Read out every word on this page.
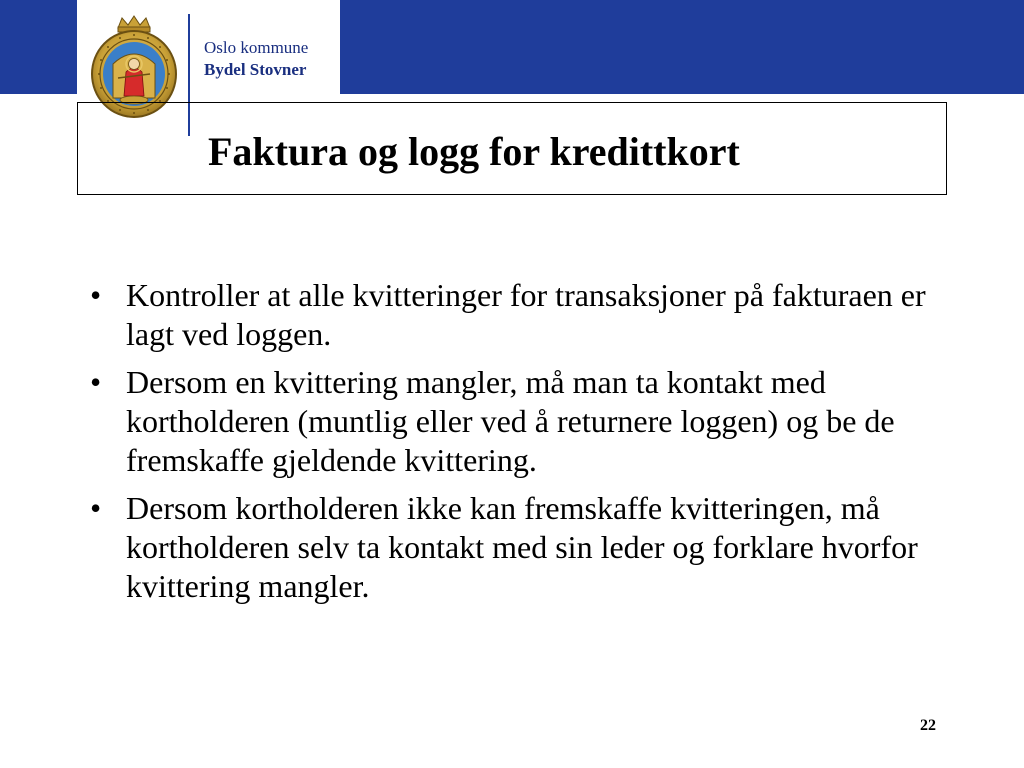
Oslo kommune
Bydel Stovner
Faktura og logg for kredittkort
• Kontroller at alle kvitteringer for transaksjoner på fakturaen er lagt ved loggen.
• Dersom en kvittering mangler, må man ta kontakt med kortholderen (muntlig eller ved å returnere loggen) og be de fremskaffe gjeldende kvittering.
• Dersom kortholderen ikke kan fremskaffe kvitteringen, må kortholderen selv ta kontakt med sin leder og forklare hvorfor kvittering mangler.
22
